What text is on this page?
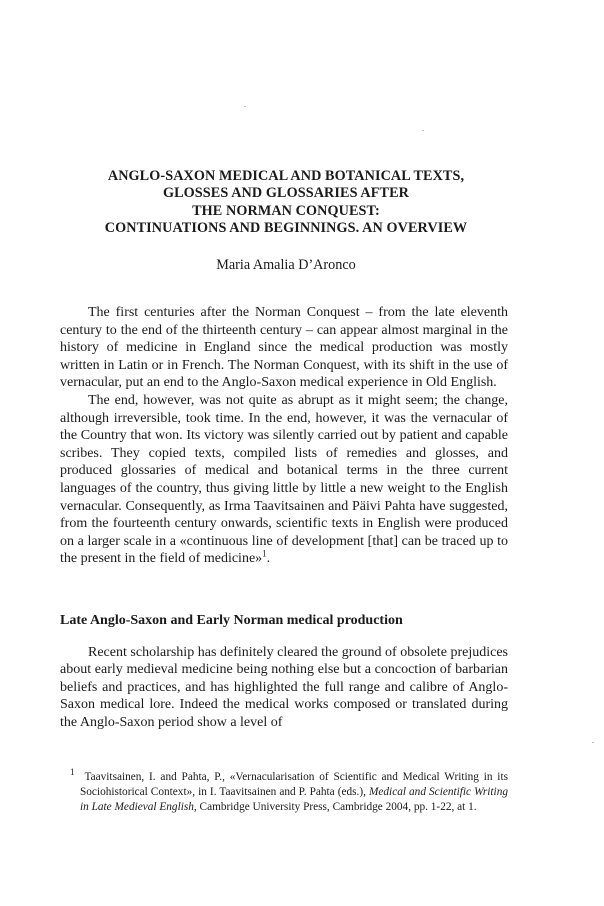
ANGLO-SAXON MEDICAL AND BOTANICAL TEXTS,
GLOSSES AND GLOSSARIES AFTER
THE NORMAN CONQUEST:
CONTINUATIONS AND BEGINNINGS. AN OVERVIEW

Maria Amalia D’Aronco

The first centuries after the Norman Conquest – from the late eleventh century to the end of the thirteenth century – can appear almost marginal in the history of medicine in England since the medical production was mostly written in Latin or in French. The Norman Conquest, with its shift in the use of vernacular, put an end to the Anglo-Saxon medical experience in Old English.

The end, however, was not quite as abrupt as it might seem; the change, although irreversible, took time. In the end, however, it was the vernacular of the Country that won. Its victory was silently carried out by patient and capable scribes. They copied texts, compiled lists of remedies and glosses, and produced glossaries of medical and botanical terms in the three current languages of the country, thus giving little by little a new weight to the English vernacular. Consequently, as Irma Taavitsainen and Päivi Pahta have suggested, from the fourteenth century onwards, scientific texts in English were produced on a larger scale in a «continuous line of development [that] can be traced up to the present in the field of medicine»$^1$.

Late Anglo-Saxon and Early Norman medical production

Recent scholarship has definitely cleared the ground of obsolete prejudices about early medieval medicine being nothing else but a concoction of barbarian beliefs and practices, and has highlighted the full range and calibre of Anglo-Saxon medical lore. Indeed the medical works composed or translated during the Anglo-Saxon period show a level of

$^1$ Taavitsainen, I. and Pahta, P., «Vernacularisation of Scientific and Medical Writing in its Sociohistorical Context», in I. Taavitsainen and P. Pahta (eds.), Medical and Scientific Writing in Late Medieval English, Cambridge University Press, Cambridge 2004, pp. 1-22, at 1.
